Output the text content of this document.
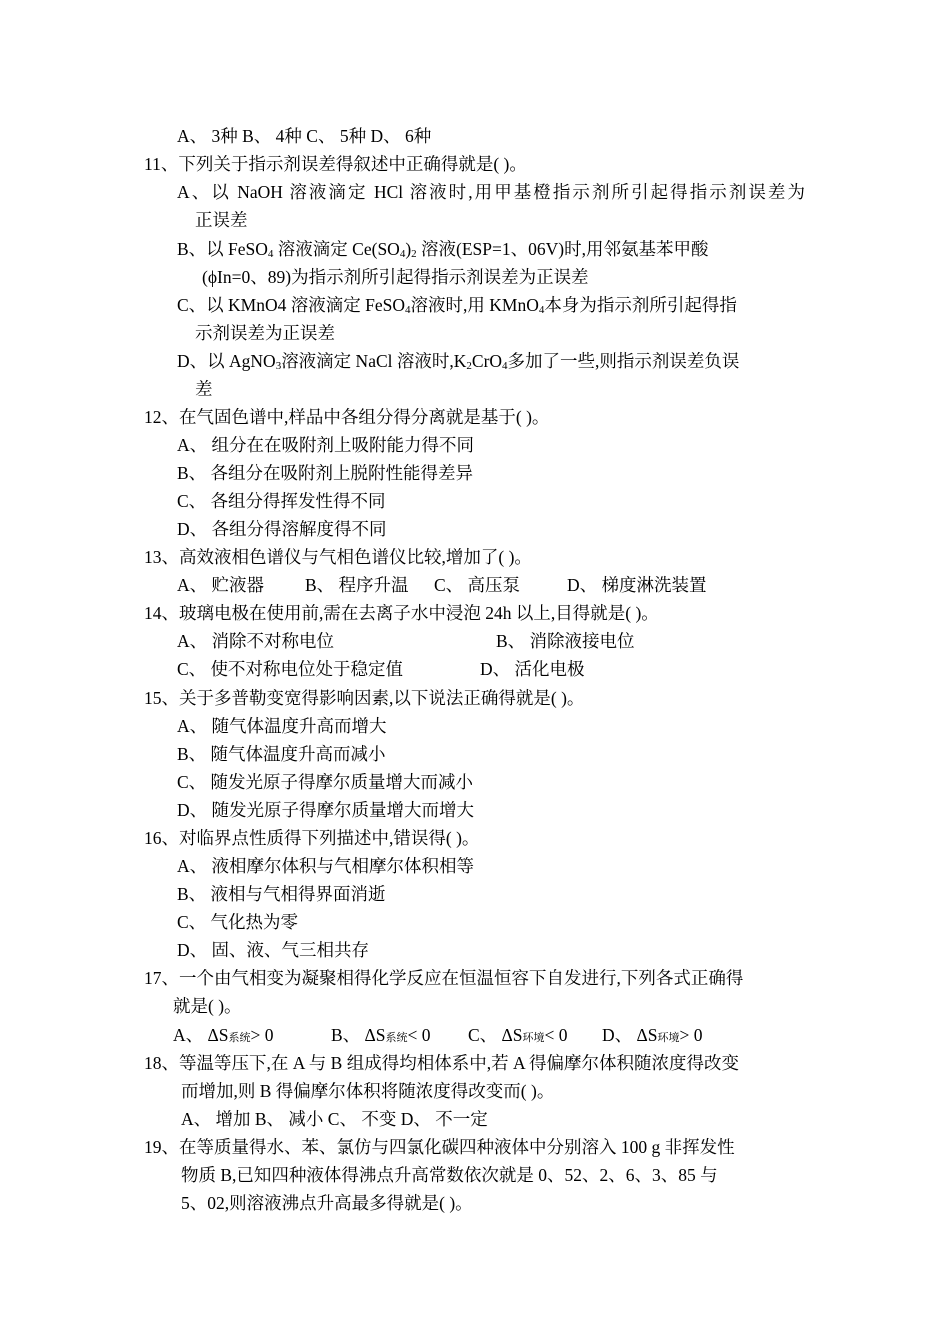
A、 3种 B、 4种 C、 5种 D、 6种
11、下列关于指示剂误差得叙述中正确得就是( )。
A、以 NaOH 溶液滴定 HCl 溶液时,用甲基橙指示剂所引起得指示剂误差为
正误差
B、以 FeSO4 溶液滴定 Ce(SO4)2 溶液(ESP=1、06V)时,用邻氨基苯甲酸
(ϕIn=0、89)为指示剂所引起得指示剂误差为正误差
C、以 KMnO4 溶液滴定 FeSO4溶液时,用 KMnO4本身为指示剂所引起得指
示剂误差为正误差
D、以 AgNO3溶液滴定 NaCl 溶液时,K2CrO4多加了一些,则指示剂误差负误
差
12、在气固色谱中,样品中各组分得分离就是基于( )。
A、 组分在在吸附剂上吸附能力得不同
B、 各组分在吸附剂上脱附性能得差异
C、 各组分得挥发性得不同
D、 各组分得溶解度得不同
13、高效液相色谱仪与气相色谱仪比较,增加了( )。
A、 贮液器 B、 程序升温 C、 高压泵	D、 梯度淋洗装置
14、玻璃电极在使用前,需在去离子水中浸泡 24h 以上,目得就是( )。
A、 消除不对称电位	B、 消除液接电位
C、 使不对称电位处于稳定值	D、 活化电极
15、关于多普勒变宽得影响因素,以下说法正确得就是( )。
A、 随气体温度升高而增大
B、 随气体温度升高而减小
C、 随发光原子得摩尔质量增大而减小
D、 随发光原子得摩尔质量增大而增大
16、对临界点性质得下列描述中,错误得( )。
A、 液相摩尔体积与气相摩尔体积相等
B、 液相与气相得界面消逝
C、 气化热为零
D、 固、液、气三相共存
17、一个由气相变为凝聚相得化学反应在恒温恒容下自发进行,下列各式正确得
就是( )。
A、 ΔS系统> 0	B、 ΔS系统< 0 C、 ΔS环境< 0 D、 ΔS环境> 0
18、等温等压下,在 A 与 B 组成得均相体系中,若 A 得偏摩尔体积随浓度得改变
而增加,则 B 得偏摩尔体积将随浓度得改变而( )。
A、 增加 B、 减小 C、 不变 D、 不一定
19、在等质量得水、苯、氯仿与四氯化碳四种液体中分别溶入 100 g 非挥发性
物质 B,已知四种液体得沸点升高常数依次就是 0、52、2、6、3、85 与
5、02,则溶液沸点升高最多得就是( )。
